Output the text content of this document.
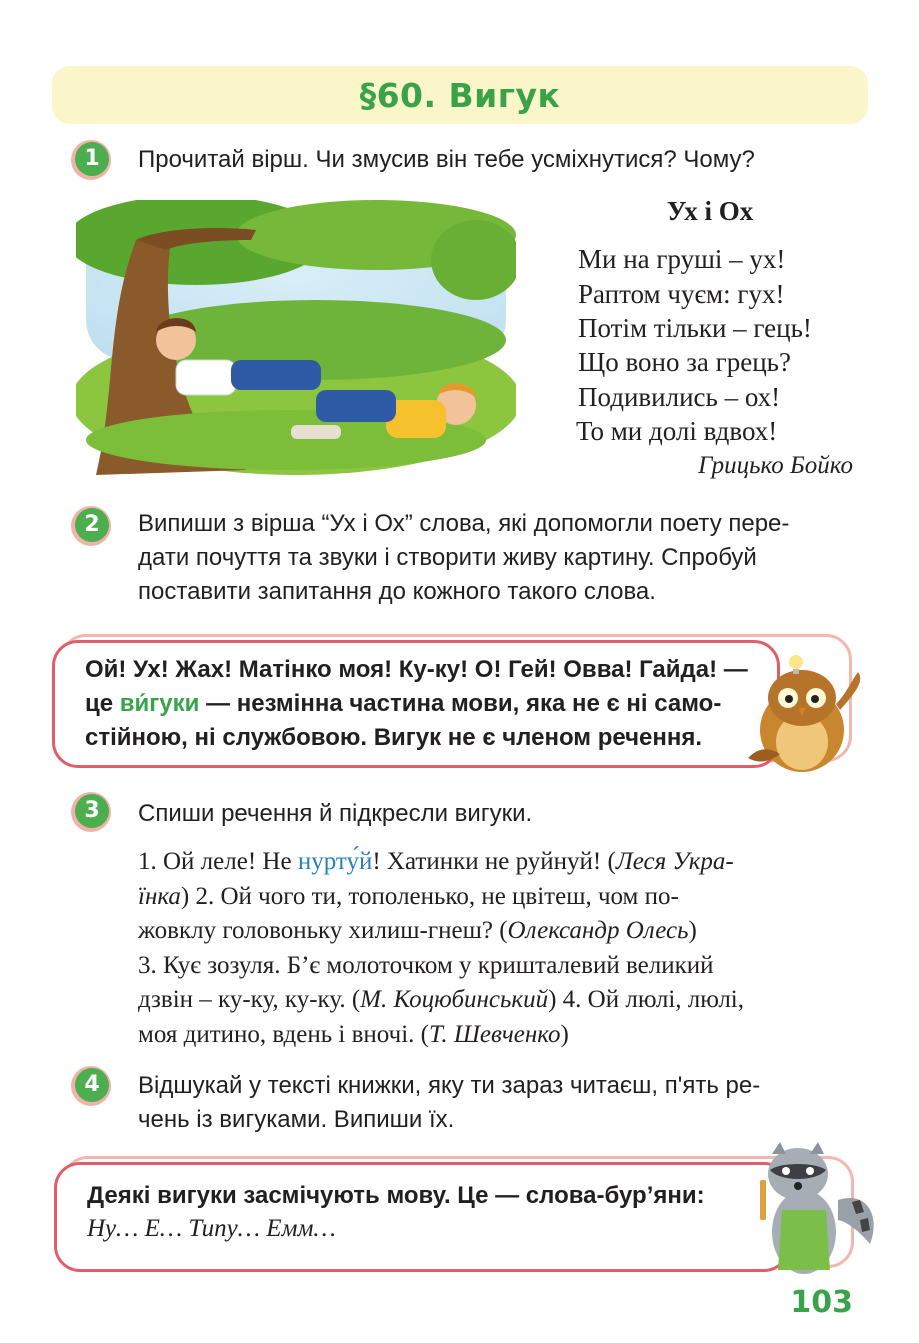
§60. Вигук
1	Прочитай вірш. Чи змусив він тебе усміхнутися? Чому?
Ух і Ох
Ми на груші – ух!
Раптом чуєм: гух!
Потім тільки – гець!
Що воно за грець?
Подивились – ох!
То ми долі вдвох!
Грицько Бойко
2	Випиши з вірша “Ух і Ох” слова, які допомогли поету пере-
дати почуття та звуки і створити живу картину. Спробуй
поставити запитання до кожного такого слова.
Ой! Ух! Жах! Матінко моя! Ку-ку! О! Гей! Овва! Гайда! —
це ви́гуки — незмінна частина мови, яка не є ні само-
стійною, ні службовою. Вигук не є членом речення.
3	Спиши речення й підкресли вигуки.
1. Ой леле! Не нурту́й! Хатинки не руйнуй! (Леся Укра-
їнка) 2. Ой чого ти, тополенько, не цвітеш, чом по-
жовклу головоньку хилиш-гнеш? (Олександр Олесь)
3. Кує зозуля. Б’є молоточком у кришталевий великий
дзвін – ку-ку, ку-ку. (М. Коцюбинський) 4. Ой люлі, люлі,
моя дитино, вдень і вночі. (Т. Шевченко)
4	Відшукай у тексті книжки, яку ти зараз читаєш, п'ять ре-
чень із вигуками. Випиши їх.
Деякі вигуки засмічують мову. Це — слова-бур’яни:
Ну… Е… Типу… Емм…
103
